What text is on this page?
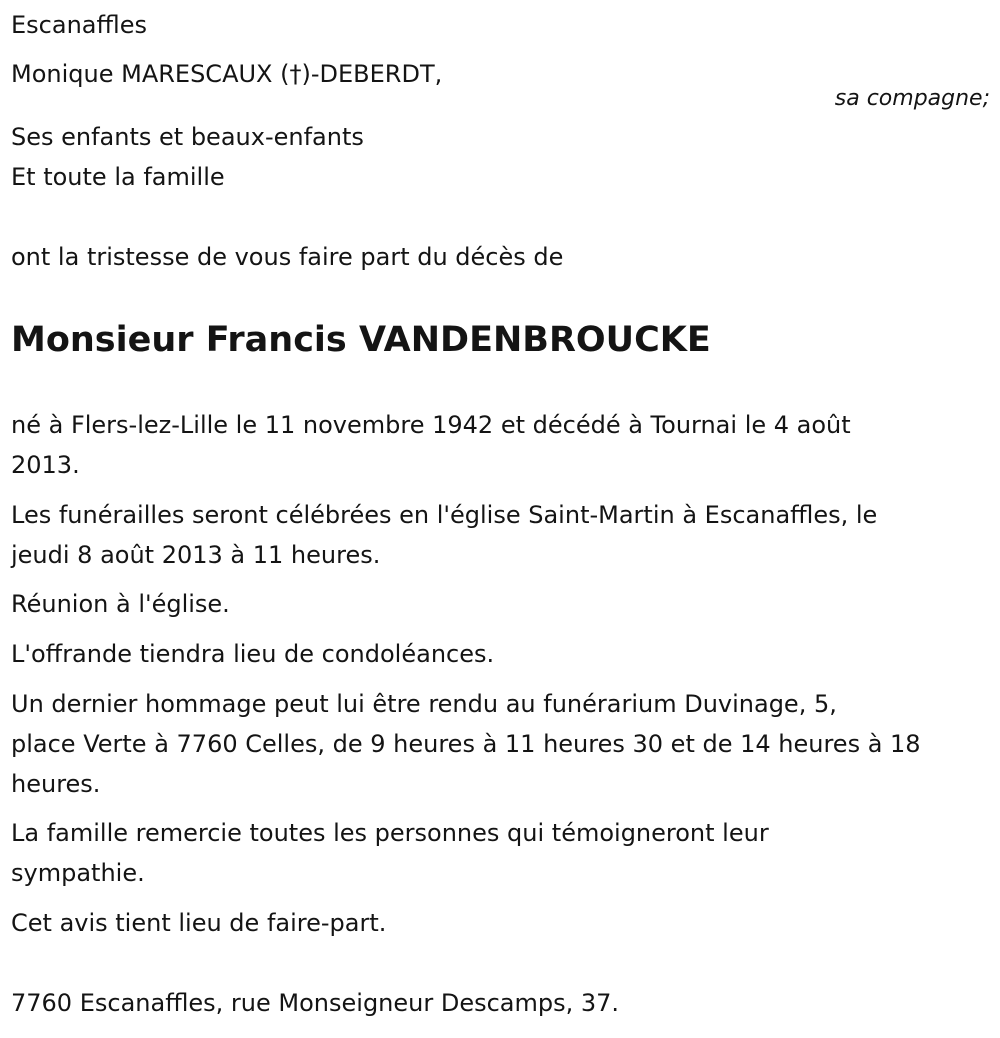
Escanaffles
Monique MARESCAUX (†)-DEBERDT,
sa compagne;
Ses enfants et beaux-enfants
Et toute la famille
ont la tristesse de vous faire part du décès de
Monsieur Francis VANDENBROUCKE
né à Flers-lez-Lille le 11 novembre 1942 et décédé à Tournai le 4 août
2013.
Les funérailles seront célébrées en l'église Saint-Martin à Escanaffles, le
jeudi 8 août 2013 à 11 heures.
Réunion à l'église.
L'offrande tiendra lieu de condoléances.
Un dernier hommage peut lui être rendu au funérarium Duvinage, 5,
place Verte à 7760 Celles, de 9 heures à 11 heures 30 et de 14 heures à 18
heures.
La famille remercie toutes les personnes qui témoigneront leur
sympathie.
Cet avis tient lieu de faire-part.
7760 Escanaffles, rue Monseigneur Descamps, 37.
